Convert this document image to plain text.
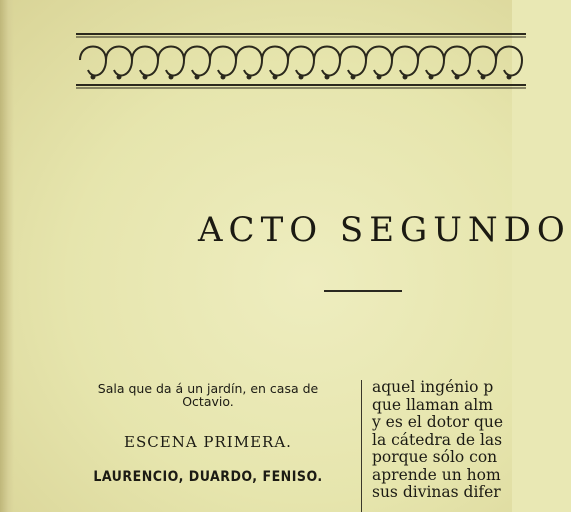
ACTO SEGUNDO

Sala que da á un jardín, en casa de

Octavio.

ESCENA PRIMERA.
LAURENCIO, DUARDO, FENISO.
aquel ingénio p
que llaman alm
y es el dotor que
la cátedra de las
porque sólo con
aprende un hom
sus divinas difer
